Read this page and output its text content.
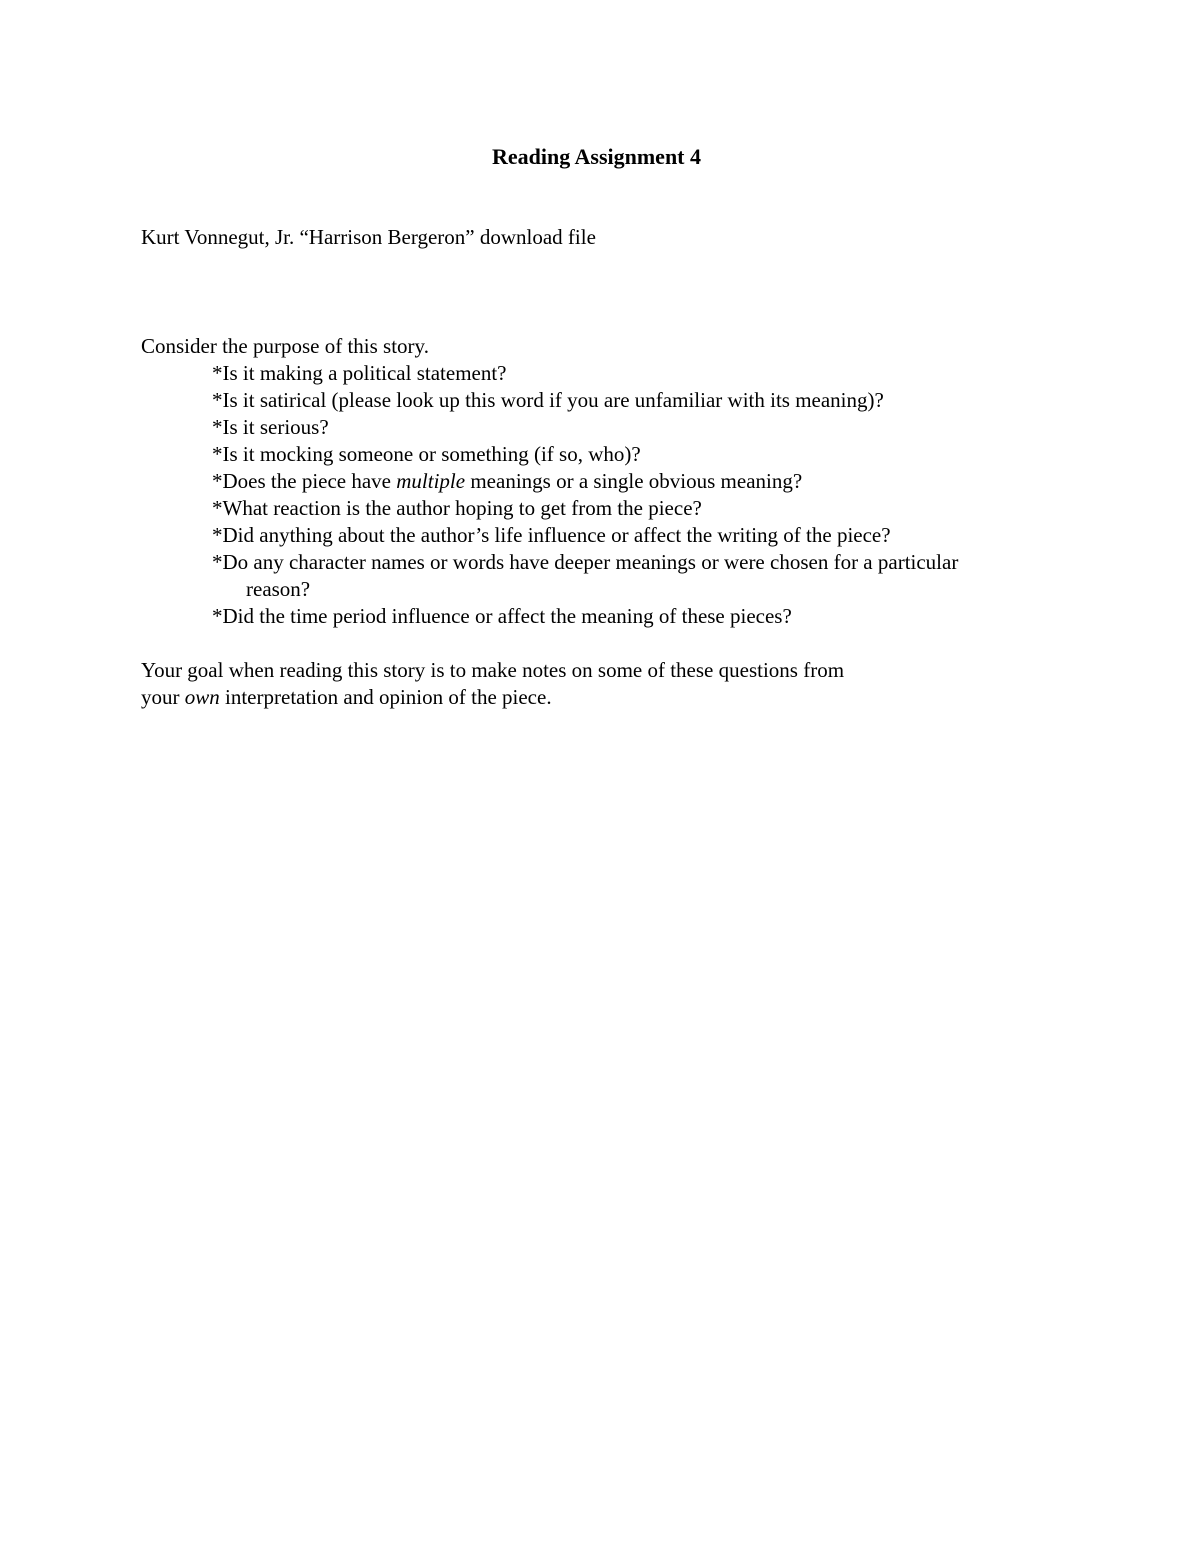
Reading Assignment 4

Kurt Vonnegut, Jr. “Harrison Bergeron” download file

Consider the purpose of this story.

*Is it making a political statement?
*Is it satirical (please look up this word if you are unfamiliar with its meaning)?
*Is it serious?
*Is it mocking someone or something (if so, who)?
*Does the piece have multiple meanings or a single obvious meaning?
*What reaction is the author hoping to get from the piece?
*Did anything about the author’s life influence or affect the writing of the piece?
*Do any character names or words have deeper meanings or were chosen for a particular
reason?
*Did the time period influence or affect the meaning of these pieces?

Your goal when reading this story is to make notes on some of these questions from
your own interpretation and opinion of the piece.
